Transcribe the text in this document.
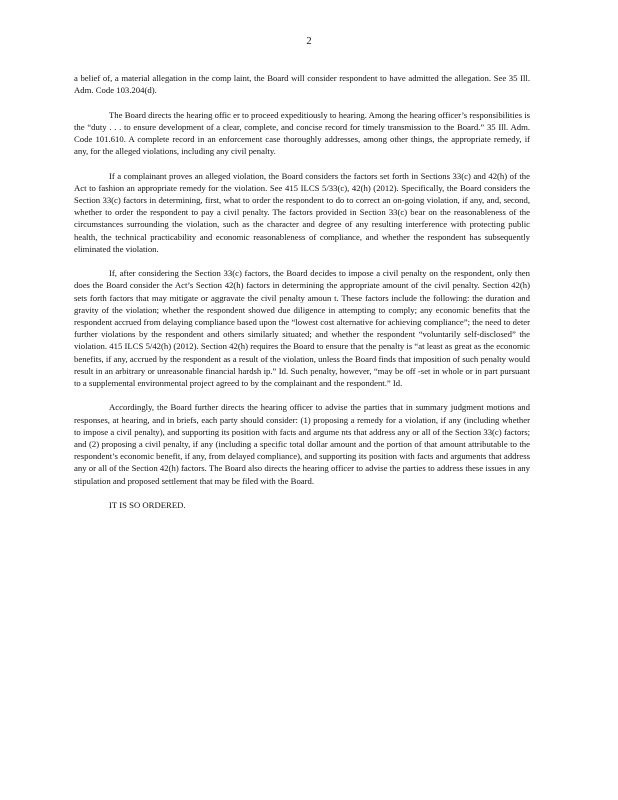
2

a belief of, a material allegation in the comp laint, the Board will consider respondent to have admitted the allegation. See 35 Ill. Adm. Code 103.204(d).

The Board directs the hearing offic er to proceed expeditiously to hearing. Among the hearing officer’s responsibilities is the “duty . . . to ensure development of a clear, complete, and concise record for timely transmission to the Board.” 35 Ill. Adm. Code 101.610. A complete record in an enforcement case thoroughly addresses, among other things, the appropriate remedy, if any, for the alleged violations, including any civil penalty.

If a complainant proves an alleged violation, the Board considers the factors set forth in Sections 33(c) and 42(h) of the Act to fashion an appropriate remedy for the violation. See 415 ILCS 5/33(c), 42(h) (2012). Specifically, the Board considers the Section 33(c) factors in determining, first, what to order the respondent to do to correct an on-going violation, if any, and, second, whether to order the respondent to pay a civil penalty. The factors provided in Section 33(c) bear on the reasonableness of the circumstances surrounding the violation, such as the character and degree of any resulting interference with protecting public health, the technical practicability and economic reasonableness of compliance, and whether the respondent has subsequently eliminated the violation.

If, after considering the Section 33(c) factors, the Board decides to impose a civil penalty on the respondent, only then does the Board consider the Act’s Section 42(h) factors in determining the appropriate amount of the civil penalty. Section 42(h) sets forth factors that may mitigate or aggravate the civil penalty amoun t. These factors include the following: the duration and gravity of the violation; whether the respondent showed due diligence in attempting to comply; any economic benefits that the respondent accrued from delaying compliance based upon the “lowest cost alternative for achieving compliance”; the need to deter further violations by the respondent and others similarly situated; and whether the respondent “voluntarily self-disclosed” the violation. 415 ILCS 5/42(h) (2012). Section 42(h) requires the Board to ensure that the penalty is “at least as great as the economic benefits, if any, accrued by the respondent as a result of the violation, unless the Board finds that imposition of such penalty would result in an arbitrary or unreasonable financial hardsh ip.” Id. Such penalty, however, “may be off -set in whole or in part pursuant to a supplemental environmental project agreed to by the complainant and the respondent.” Id.

Accordingly, the Board further directs the hearing officer to advise the parties that in summary judgment motions and responses, at hearing, and in briefs, each party should consider: (1) proposing a remedy for a violation, if any (including whether to impose a civil penalty), and supporting its position with facts and argume nts that address any or all of the Section 33(c) factors; and (2) proposing a civil penalty, if any (including a specific total dollar amount and the portion of that amount attributable to the respondent’s economic benefit, if any, from delayed compliance), and supporting its position with facts and arguments that address any or all of the Section 42(h) factors. The Board also directs the hearing officer to advise the parties to address these issues in any stipulation and proposed settlement that may be filed with the Board.

IT IS SO ORDERED.
